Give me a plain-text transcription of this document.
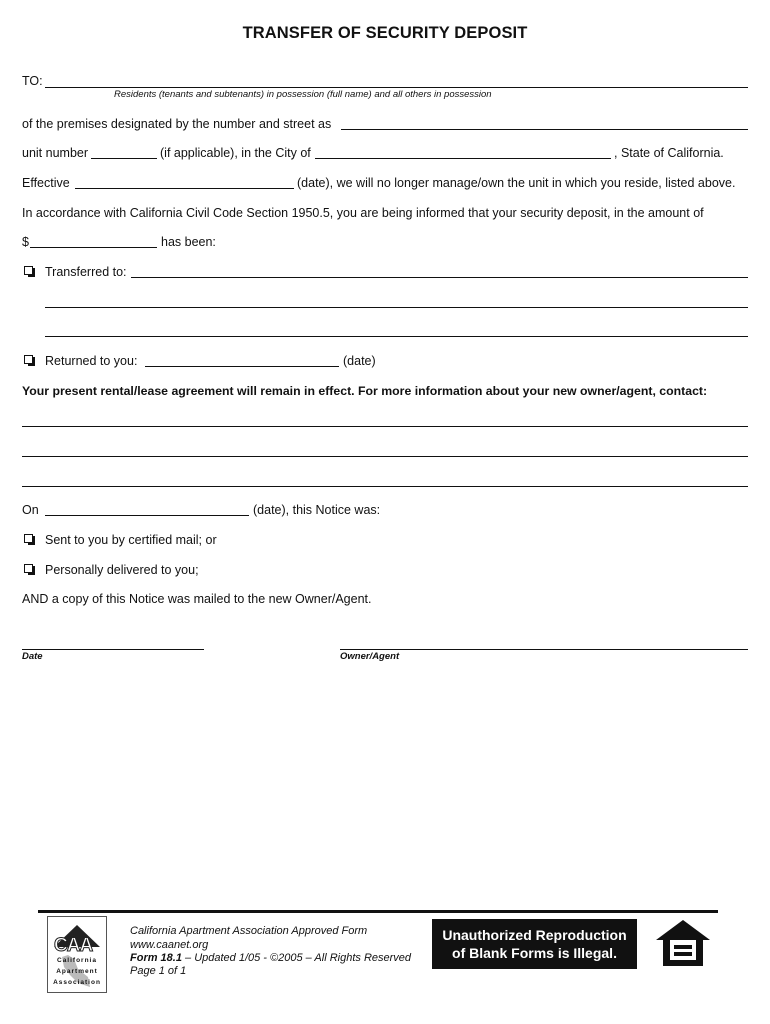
TRANSFER OF SECURITY DEPOSIT
TO:
Residents (tenants and subtenants) in possession (full name) and all others in possession
of the premises designated by the number and street as
unit number	(if applicable), in the City of	, State of California.
Effective	(date), we will no longer manage/own the unit in which you reside, listed above.
In accordance with California Civil Code Section 1950.5, you are being informed that your security deposit, in the amount of
$	has been:
Transferred to:
Returned to you:	(date)
Your present rental/lease agreement will remain in effect. For more information about your new owner/agent, contact:
On	(date), this Notice was:
Sent to you by certified mail; or
Personally delivered to you;
AND a copy of this Notice was mailed to the new Owner/Agent.
Date	Owner/Agent
CAA
California
Apartment
Association
California Apartment Association Approved Form
www.caanet.org
Form 18.1 – Updated 1/05 - ©2005 – All Rights Reserved
Page 1 of 1
Unauthorized Reproduction
of Blank Forms is Illegal.
